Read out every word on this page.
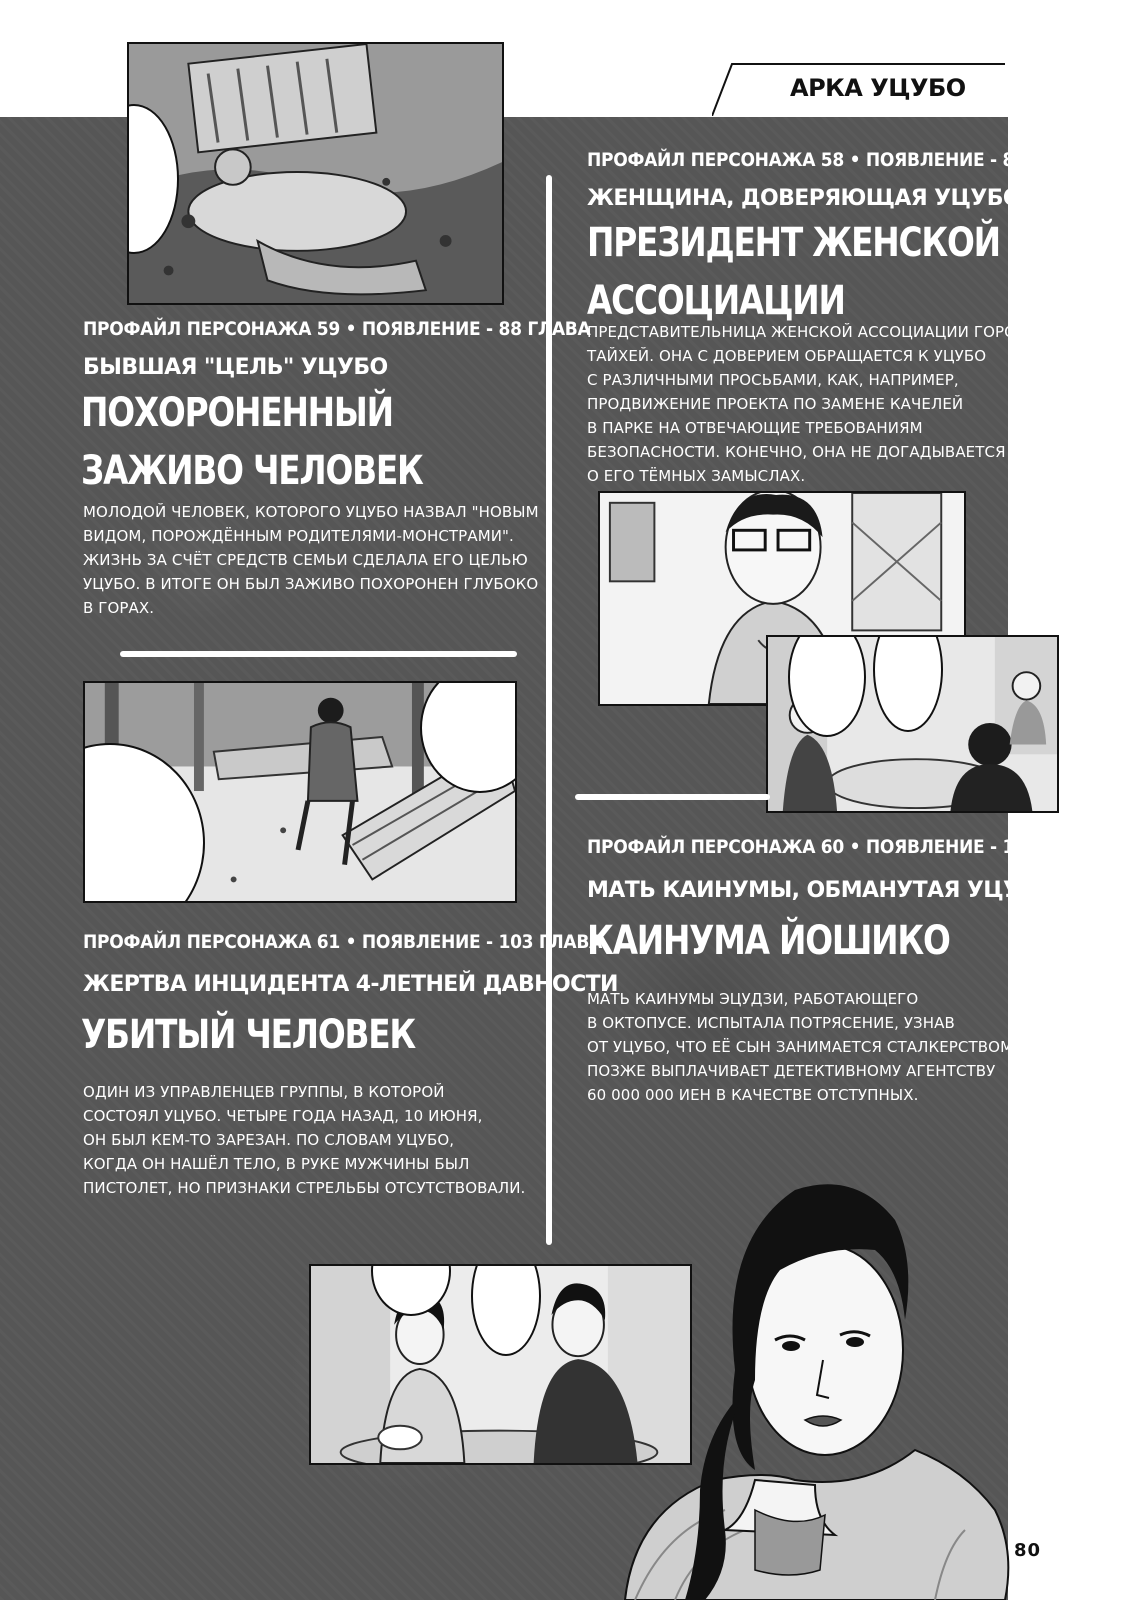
АРКА УЦУБО
ПРОФАЙЛ ПЕРСОНАЖА 58 • ПОЯВЛЕНИЕ - 88 ГЛАВА
ЖЕНЩИНА, ДОВЕРЯЮЩАЯ УЦУБО
ПРЕЗИДЕНТ ЖЕНСКОЙ
АССОЦИАЦИИ
ПРЕДСТАВИТЕЛЬНИЦА ЖЕНСКОЙ АССОЦИАЦИИ ГОРОДА
ТАЙХЕЙ. ОНА С ДОВЕРИЕМ ОБРАЩАЕТСЯ К УЦУБО
С РАЗЛИЧНЫМИ ПРОСЬБАМИ, КАК, НАПРИМЕР,
ПРОДВИЖЕНИЕ ПРОЕКТА ПО ЗАМЕНЕ КАЧЕЛЕЙ
В ПАРКЕ НА ОТВЕЧАЮЩИЕ ТРЕБОВАНИЯМ
БЕЗОПАСНОСТИ. КОНЕЧНО, ОНА НЕ ДОГАДЫВАЕТСЯ
О ЕГО ТЁМНЫХ ЗАМЫСЛАХ.
ПРОФАЙЛ ПЕРСОНАЖА 59 • ПОЯВЛЕНИЕ - 88 ГЛАВА
БЫВШАЯ "ЦЕЛЬ" УЦУБО
ПОХОРОНЕННЫЙ
ЗАЖИВО ЧЕЛОВЕК
МОЛОДОЙ ЧЕЛОВЕК, КОТОРОГО УЦУБО НАЗВАЛ "НОВЫМ
ВИДОМ, ПОРОЖДЁННЫМ РОДИТЕЛЯМИ-МОНСТРАМИ".
ЖИЗНЬ ЗА СЧЁТ СРЕДСТВ СЕМЬИ СДЕЛАЛА ЕГО ЦЕЛЬЮ
УЦУБО. В ИТОГЕ ОН БЫЛ ЗАЖИВО ПОХОРОНЕН ГЛУБОКО
В ГОРАХ.
ПРОФАЙЛ ПЕРСОНАЖА 60 • ПОЯВЛЕНИЕ - 104 ГЛАВА
МАТЬ КАИНУМЫ, ОБМАНУТАЯ УЦУБО
КАИНУМА ЙОШИКО
МАТЬ КАИНУМЫ ЭЦУДЗИ, РАБОТАЮЩЕГО
В ОКТОПУСЕ. ИСПЫТАЛА ПОТРЯСЕНИЕ, УЗНАВ
ОТ УЦУБО, ЧТО ЕЁ СЫН ЗАНИМАЕТСЯ СТАЛКЕРСТВОМ.
ПОЗЖЕ ВЫПЛАЧИВАЕТ ДЕТЕКТИВНОМУ АГЕНТСТВУ
60 000 000 ИЕН В КАЧЕСТВЕ ОТСТУПНЫХ.
ПРОФАЙЛ ПЕРСОНАЖА 61 • ПОЯВЛЕНИЕ - 103 ГЛАВА
ЖЕРТВА ИНЦИДЕНТА 4-ЛЕТНЕЙ ДАВНОСТИ
УБИТЫЙ ЧЕЛОВЕК
ОДИН ИЗ УПРАВЛЕНЦЕВ ГРУППЫ, В КОТОРОЙ
СОСТОЯЛ УЦУБО. ЧЕТЫРЕ ГОДА НАЗАД, 10 ИЮНЯ,
ОН БЫЛ КЕМ-ТО ЗАРЕЗАН. ПО СЛОВАМ УЦУБО,
КОГДА ОН НАШЁЛ ТЕЛО, В РУКЕ МУЖЧИНЫ БЫЛ
ПИСТОЛЕТ, НО ПРИЗНАКИ СТРЕЛЬБЫ ОТСУТСТВОВАЛИ.
80
